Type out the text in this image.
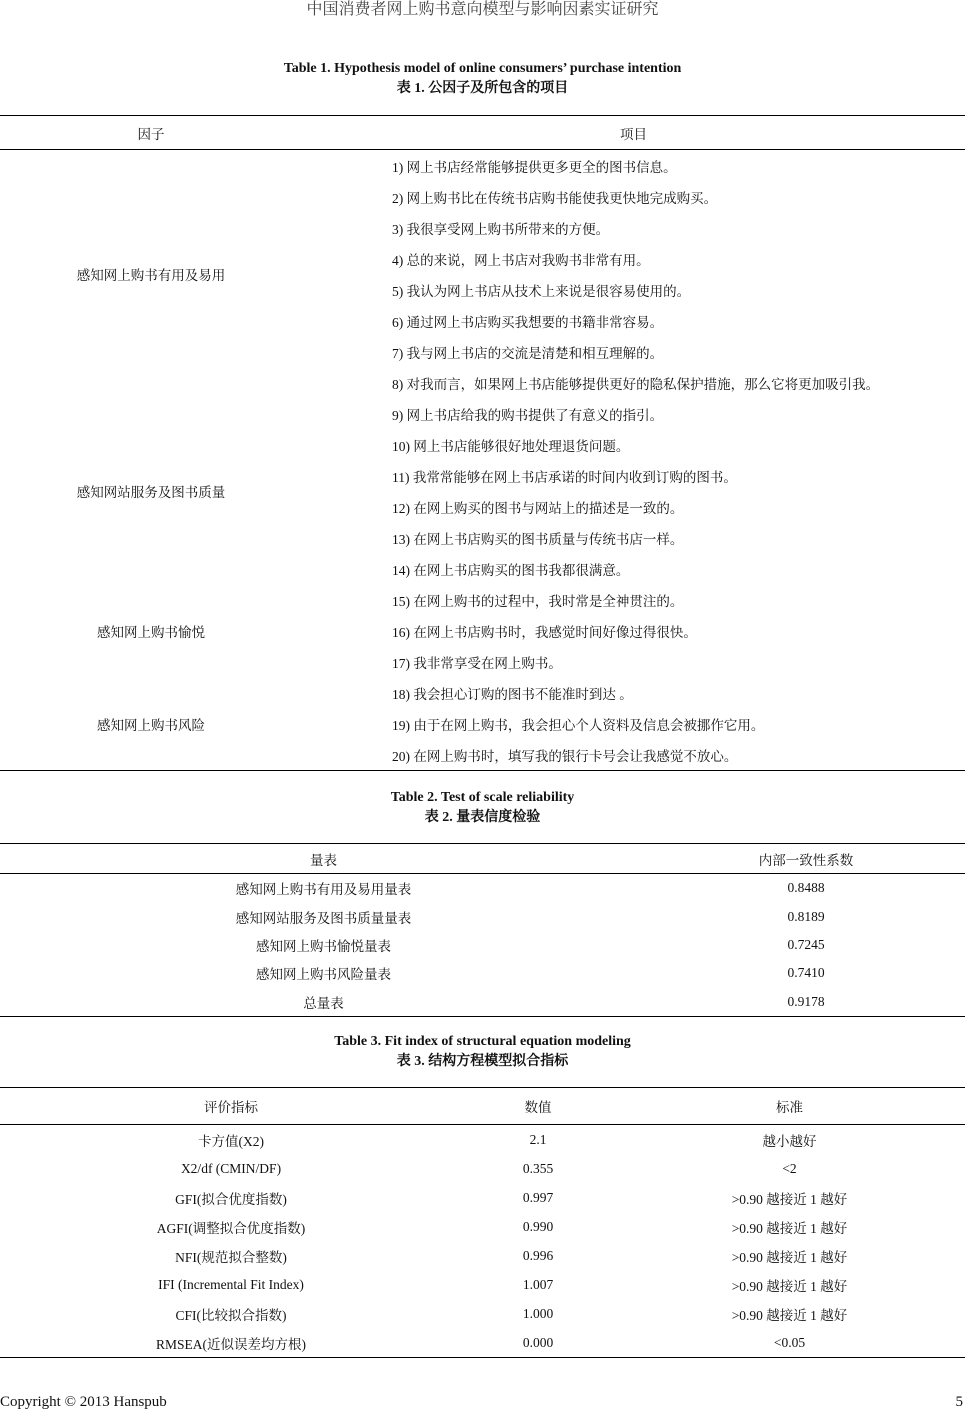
中国消费者网上购书意向模型与影响因素实证研究
Table 1. Hypothesis model of online consumers’ purchase intention
表 1. 公因子及所包含的项目
因子	项目
感知网上购书有用及易用	1) 网上书店经常能够提供更多更全的图书信息。
	2) 网上购书比在传统书店购书能使我更快地完成购买。
	3) 我很享受网上购书所带来的方便。
	4) 总的来说，网上书店对我购书非常有用。
	5) 我认为网上书店从技术上来说是很容易使用的。
	6) 通过网上书店购买我想要的书籍非常容易。
	7) 我与网上书店的交流是清楚和相互理解的。
	8) 对我而言，如果网上书店能够提供更好的隐私保护措施，那么它将更加吸引我。
感知网站服务及图书质量	9) 网上书店给我的购书提供了有意义的指引。
	10) 网上书店能够很好地处理退货问题。
	11) 我常常能够在网上书店承诺的时间内收到订购的图书。
	12) 在网上购买的图书与网站上的描述是一致的。
	13) 在网上书店购买的图书质量与传统书店一样。
	14) 在网上书店购买的图书我都很满意。
感知网上购书愉悦	15) 在网上购书的过程中，我时常是全神贯注的。
	16) 在网上书店购书时，我感觉时间好像过得很快。
	17) 我非常享受在网上购书。
感知网上购书风险	18) 我会担心订购的图书不能准时到达 。
	19) 由于在网上购书，我会担心个人资料及信息会被挪作它用。
	20) 在网上购书时，填写我的银行卡号会让我感觉不放心。
Table 2. Test of scale reliability
表 2. 量表信度检验
量表	内部一致性系数
感知网上购书有用及易用量表	0.8488
感知网站服务及图书质量量表	0.8189
感知网上购书愉悦量表	0.7245
感知网上购书风险量表	0.7410
总量表	0.9178
Table 3. Fit index of structural equation modeling
表 3. 结构方程模型拟合指标
评价指标	数值	标准
卡方值(X2)	2.1	越小越好
X2/df (CMIN/DF)	0.355	<2
GFI(拟合优度指数)	0.997	>0.90 越接近 1 越好
AGFI(调整拟合优度指数)	0.990	>0.90 越接近 1 越好
NFI(规范拟合整数)	0.996	>0.90 越接近 1 越好
IFI (Incremental Fit Index)	1.007	>0.90 越接近 1 越好
CFI(比较拟合指数)	1.000	>0.90 越接近 1 越好
RMSEA(近似误差均方根)	0.000	<0.05
Copyright © 2013 Hanspub	5
